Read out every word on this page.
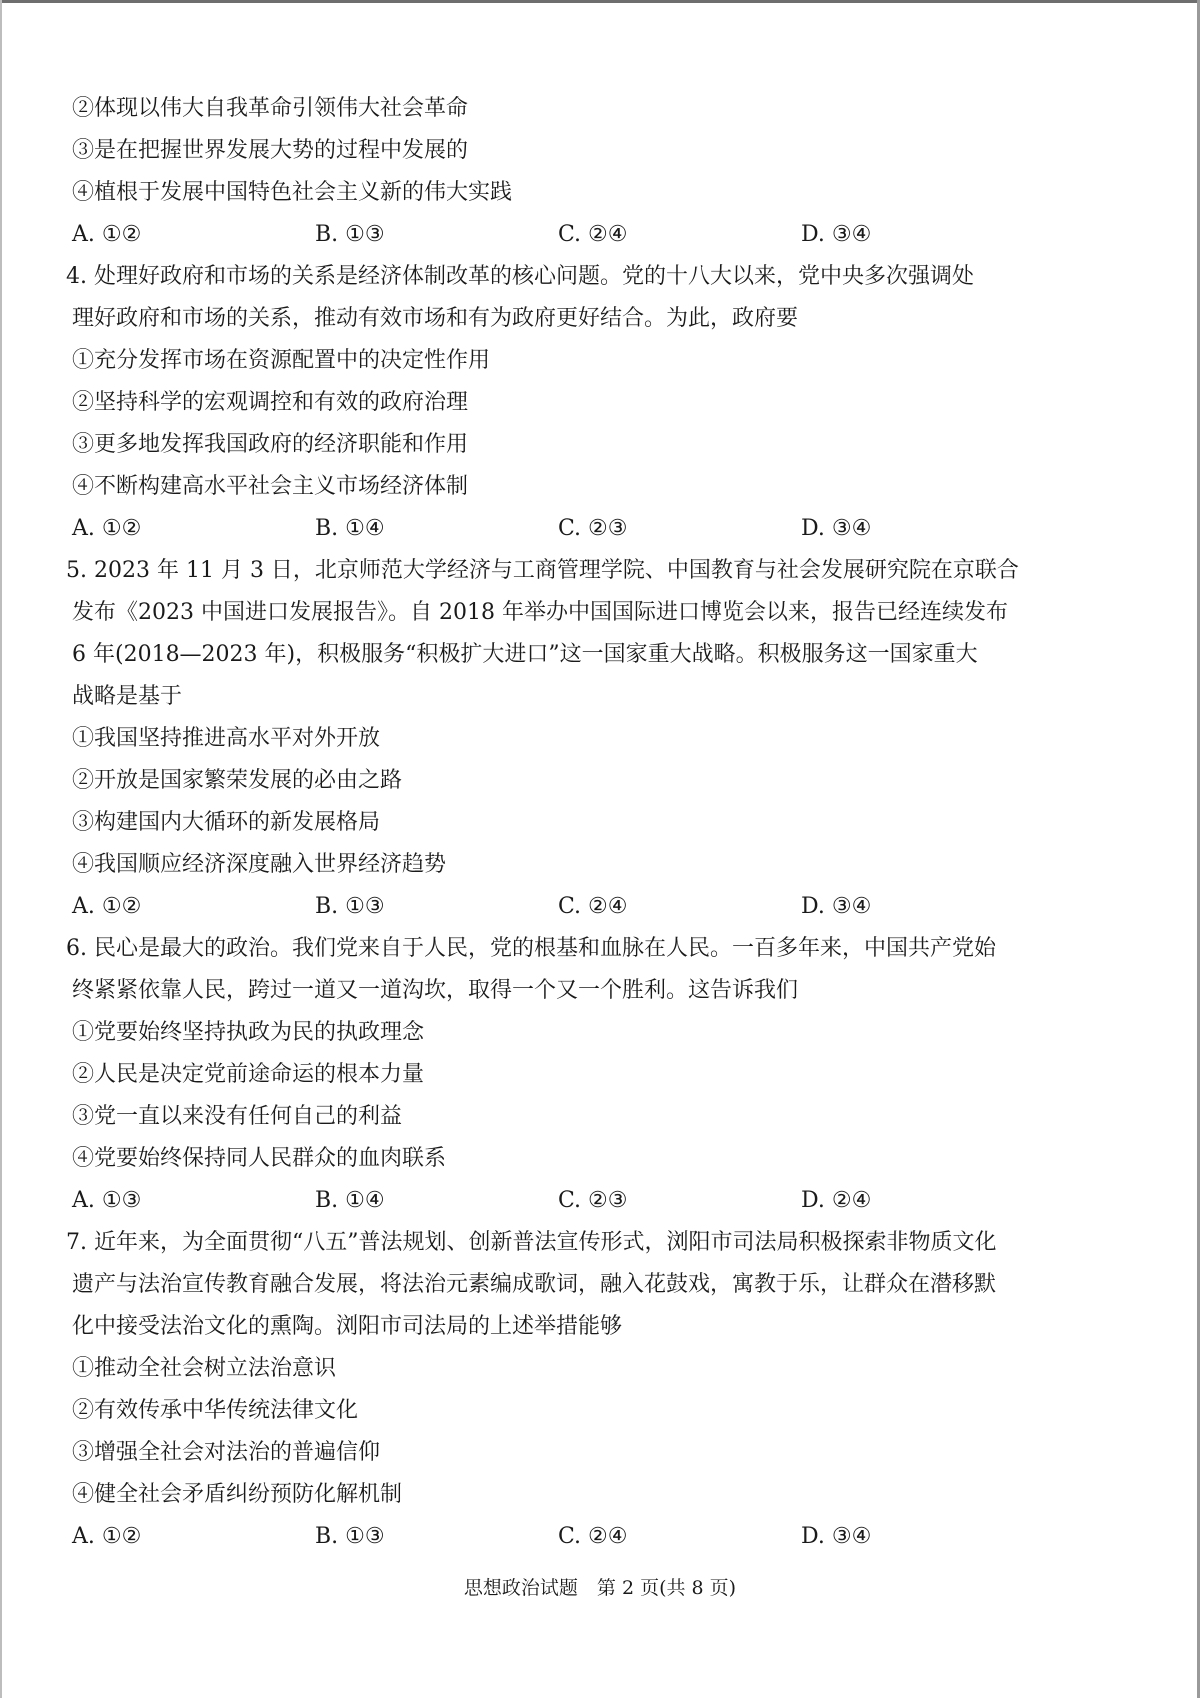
②体现以伟大自我革命引领伟大社会革命
③是在把握世界发展大势的过程中发展的
④植根于发展中国特色社会主义新的伟大实践
A. ①②	B. ①③	C. ②④	D. ③④
4. 处理好政府和市场的关系是经济体制改革的核心问题。党的十八大以来，党中央多次强调处
理好政府和市场的关系，推动有效市场和有为政府更好结合。为此，政府要
①充分发挥市场在资源配置中的决定性作用
②坚持科学的宏观调控和有效的政府治理
③更多地发挥我国政府的经济职能和作用
④不断构建高水平社会主义市场经济体制
A. ①②	B. ①④	C. ②③	D. ③④
5. 2023 年 11 月 3 日，北京师范大学经济与工商管理学院、中国教育与社会发展研究院在京联合
发布《2023 中国进口发展报告》。自 2018 年举办中国国际进口博览会以来，报告已经连续发布
6 年(2018—2023 年)，积极服务“积极扩大进口”这一国家重大战略。积极服务这一国家重大
战略是基于
①我国坚持推进高水平对外开放
②开放是国家繁荣发展的必由之路
③构建国内大循环的新发展格局
④我国顺应经济深度融入世界经济趋势
A. ①②	B. ①③	C. ②④	D. ③④
6. 民心是最大的政治。我们党来自于人民，党的根基和血脉在人民。一百多年来，中国共产党始
终紧紧依靠人民，跨过一道又一道沟坎，取得一个又一个胜利。这告诉我们
①党要始终坚持执政为民的执政理念
②人民是决定党前途命运的根本力量
③党一直以来没有任何自己的利益
④党要始终保持同人民群众的血肉联系
A. ①③	B. ①④	C. ②③	D. ②④
7. 近年来，为全面贯彻“八五”普法规划、创新普法宣传形式，浏阳市司法局积极探索非物质文化
遗产与法治宣传教育融合发展，将法治元素编成歌词，融入花鼓戏，寓教于乐，让群众在潜移默
化中接受法治文化的熏陶。浏阳市司法局的上述举措能够
①推动全社会树立法治意识
②有效传承中华传统法律文化
③增强全社会对法治的普遍信仰
④健全社会矛盾纠纷预防化解机制
A. ①②	B. ①③	C. ②④	D. ③④
思想政治试题　第 2 页(共 8 页)
